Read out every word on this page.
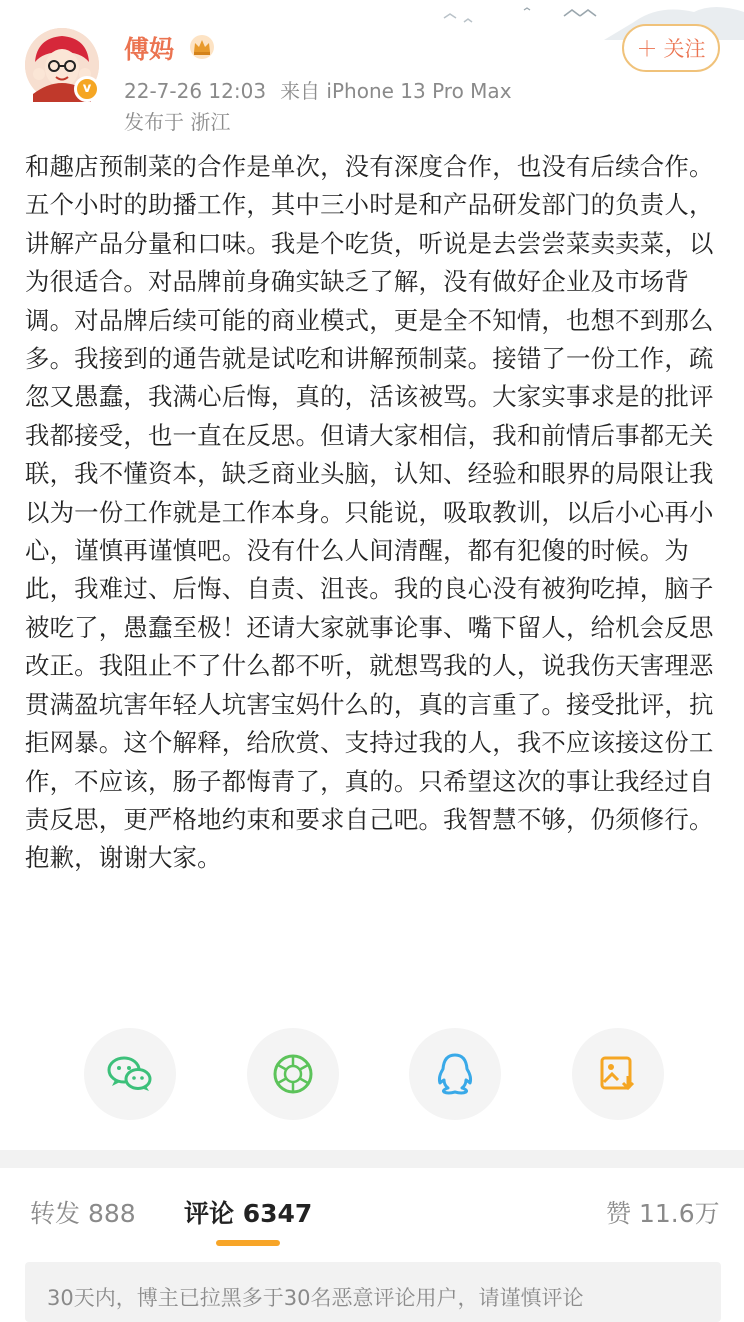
v
傅妈
22-7-26 12:03 来自 iPhone 13 Pro Max
发布于 浙江
＋ 关注
和趣店预制菜的合作是单次，没有深度合作，也没有后续合作。五个小时的助播工作，其中三小时是和产品研发部门的负责人，讲解产品分量和口味。我是个吃货，听说是去尝尝菜卖卖菜，以为很适合。对品牌前身确实缺乏了解，没有做好企业及市场背调。对品牌后续可能的商业模式，更是全不知情，也想不到那么多。我接到的通告就是试吃和讲解预制菜。接错了一份工作，疏忽又愚蠢，我满心后悔，真的，活该被骂。大家实事求是的批评我都接受，也一直在反思。但请大家相信，我和前情后事都无关联，我不懂资本，缺乏商业头脑，认知、经验和眼界的局限让我以为一份工作就是工作本身。只能说，吸取教训，以后小心再小心，谨慎再谨慎吧。没有什么人间清醒，都有犯傻的时候。为此，我难过、后悔、自责、沮丧。我的良心没有被狗吃掉，脑子被吃了，愚蠢至极！还请大家就事论事、嘴下留人，给机会反思改正。我阻止不了什么都不听，就想骂我的人，说我伤天害理恶贯满盈坑害年轻人坑害宝妈什么的，真的言重了。接受批评，抗拒网暴。这个解释，给欣赏、支持过我的人，我不应该接这份工作，不应该，肠子都悔青了，真的。只希望这次的事让我经过自责反思，更严格地约束和要求自己吧。我智慧不够，仍须修行。抱歉，谢谢大家。
转发 888 评论 6347	赞 11.6万
30天内，博主已拉黑多于30名恶意评论用户，请谨慎评论
